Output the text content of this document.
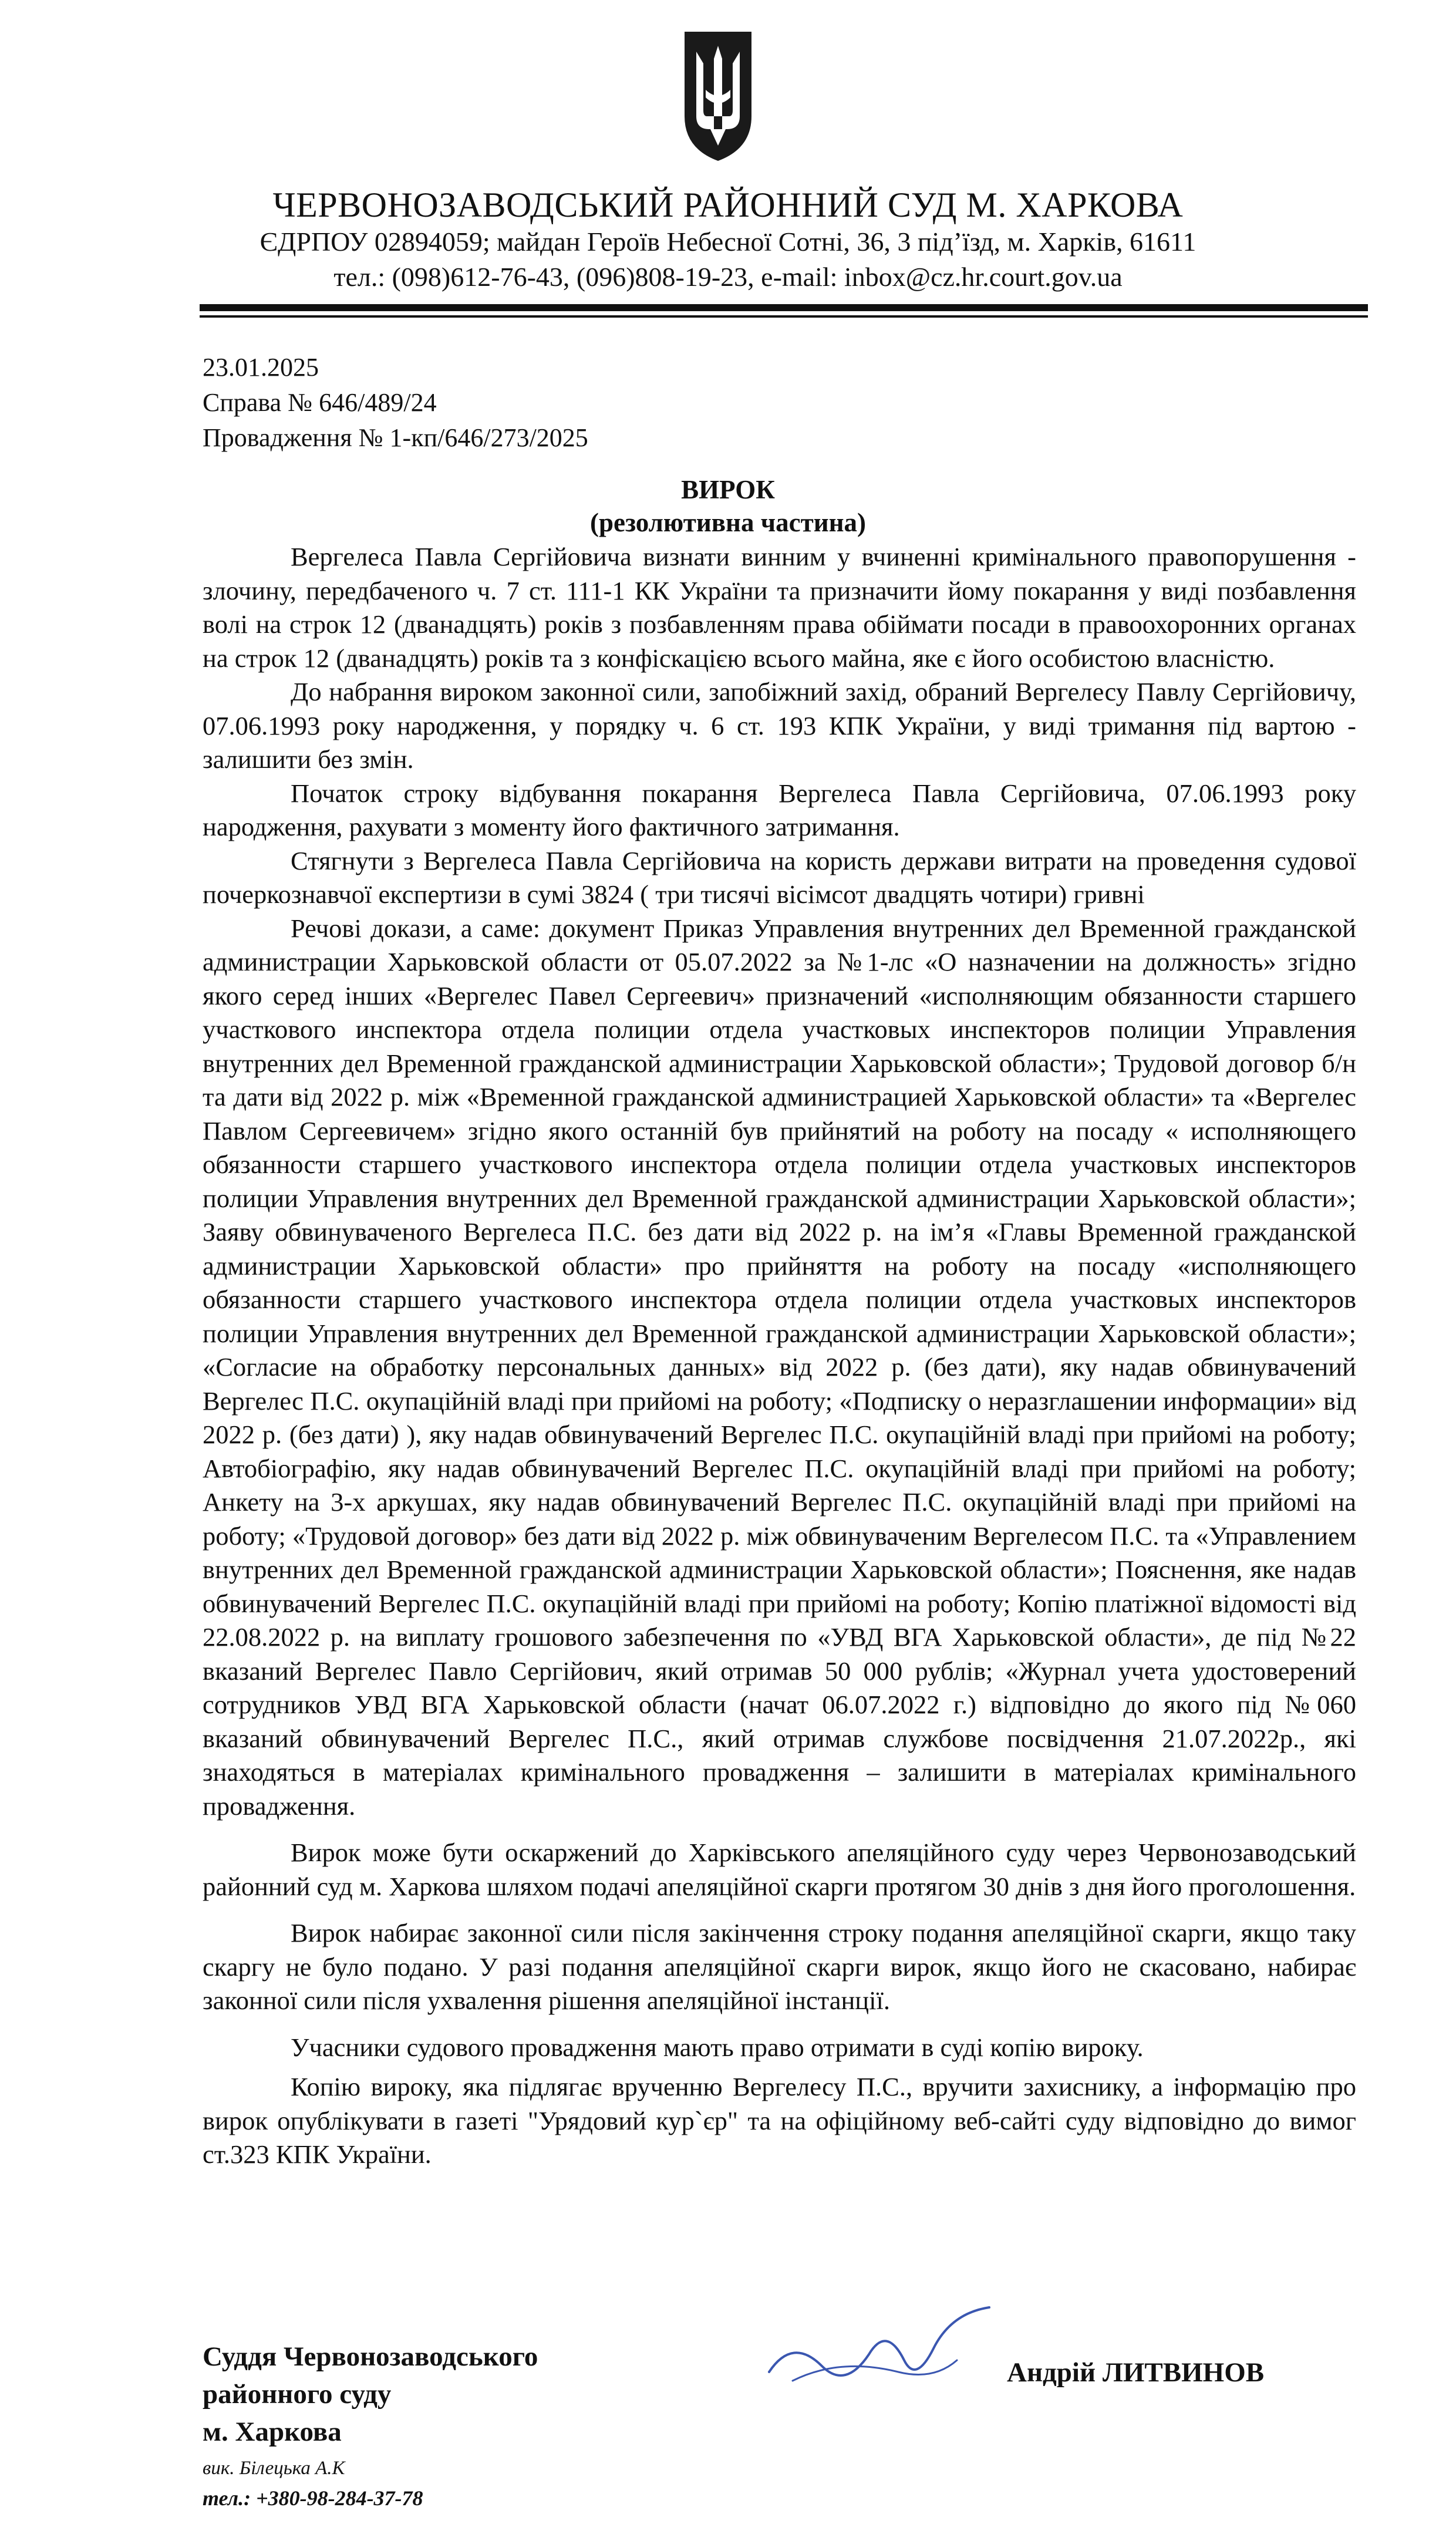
ЧЕРВОНОЗАВОДСЬКИЙ РАЙОННИЙ СУД М. ХАРКОВА
ЄДРПОУ 02894059; майдан Героїв Небесної Сотні, 36, 3 під’їзд, м. Харків, 61611
тел.: (098)612-76-43, (096)808-19-23, e-mail: inbox@cz.hr.court.gov.ua
23.01.2025
Справа № 646/489/24
Провадження № 1-кп/646/273/2025
ВИРОК
(резолютивна частина)

Вергелеса Павла Сергійовича визнати винним у вчиненні кримінального правопорушення - злочину, передбаченого ч. 7 ст. 111-1 КК України та призначити йому покарання у виді позбавлення волі на строк 12 (дванадцять) років з позбавленням права обіймати посади в правоохоронних органах на строк 12 (дванадцять) років та з конфіскацією всього майна, яке є його особистою власністю.

До набрання вироком законної сили, запобіжний захід, обраний Вергелесу Павлу Сергійовичу, 07.06.1993 року народження, у порядку ч. 6 ст. 193 КПК України, у виді тримання під вартою - залишити без змін.

Початок строку відбування покарання Вергелеса Павла Сергійовича, 07.06.1993 року народження, рахувати з моменту його фактичного затримання.

Стягнути з Вергелеса Павла Сергійовича на користь держави витрати на проведення судової почеркознавчої експертизи в сумі 3824 ( три тисячі вісімсот двадцять чотири) гривні

Речові докази, а саме: документ Приказ Управления внутренних дел Временной гражданской администрации Харьковской области от 05.07.2022 за №1-лс «О назначении на должность» згідно якого серед інших «Вергелес Павел Сергеевич» призначений «исполняющим обязанности старшего участкового инспектора отдела полиции отдела участковых инспекторов полиции Управления внутренних дел Временной гражданской администрации Харьковской области»; Трудовой договор б/н та дати від 2022 р. між «Временной гражданской администрацией Харьковской области» та «Вергелес Павлом Сергеевичем» згідно якого останній був прийнятий на роботу на посаду « исполняющего обязанности старшего участкового инспектора отдела полиции отдела участковых инспекторов полиции Управления внутренних дел Временной гражданской администрации Харьковской области»; Заяву обвинуваченого Вергелеса П.С. без дати від 2022 р. на ім’я «Главы Временной гражданской администрации Харьковской области» про прийняття на роботу на посаду «исполняющего обязанности старшего участкового инспектора отдела полиции отдела участковых инспекторов полиции Управления внутренних дел Временной гражданской администрации Харьковской области»; «Согласие на обработку персональных данных» від 2022 р. (без дати), яку надав обвинувачений Вергелес П.С. окупаційній владі при прийомі на роботу; «Подписку о неразглашении информации» від 2022 р. (без дати) ), яку надав обвинувачений Вергелес П.С. окупаційній владі при прийомі на роботу; Автобіографію, яку надав обвинувачений Вергелес П.С. окупаційній владі при прийомі на роботу; Анкету на 3-х аркушах, яку надав обвинувачений Вергелес П.С. окупаційній владі при прийомі на роботу; «Трудовой договор» без дати від 2022 р. між обвинуваченим Вергелесом П.С. та «Управлением внутренних дел Временной гражданской администрации Харьковской области»; Пояснення, яке надав обвинувачений Вергелес П.С. окупаційній владі при прийомі на роботу; Копію платіжної відомості від 22.08.2022 р. на виплату грошового забезпечення по «УВД ВГА Харьковской области», де під №22 вказаний Вергелес Павло Сергійович, який отримав 50 000 рублів; «Журнал учета удостоверений сотрудников УВД ВГА Харьковской области (начат 06.07.2022 г.) відповідно до якого під №060 вказаний обвинувачений Вергелес П.С., який отримав службове посвідчення 21.07.2022р., які знаходяться в матеріалах кримінального провадження – залишити в матеріалах кримінального провадження.

Вирок може бути оскаржений до Харківського апеляційного суду через Червонозаводський районний суд м. Харкова шляхом подачі апеляційної скарги протягом 30 днів з дня його проголошення.

Вирок набирає законної сили після закінчення строку подання апеляційної скарги, якщо таку скаргу не було подано. У разі подання апеляційної скарги вирок, якщо його не скасовано, набирає законної сили після ухвалення рішення апеляційної інстанції.

Учасники судового провадження мають право отримати в суді копію вироку.

Копію вироку, яка підлягає врученню Вергелесу П.С., вручити захиснику, а інформацію про вирок опублікувати в газеті "Урядовий кур`єр" та на офіційному веб-сайті суду відповідно до вимог ст.323 КПК України.

Суддя Червонозаводського
районного суду
м. Харкова
Андрій ЛИТВИНОВ
вик. Білецька А.К
тел.: +380-98-284-37-78
